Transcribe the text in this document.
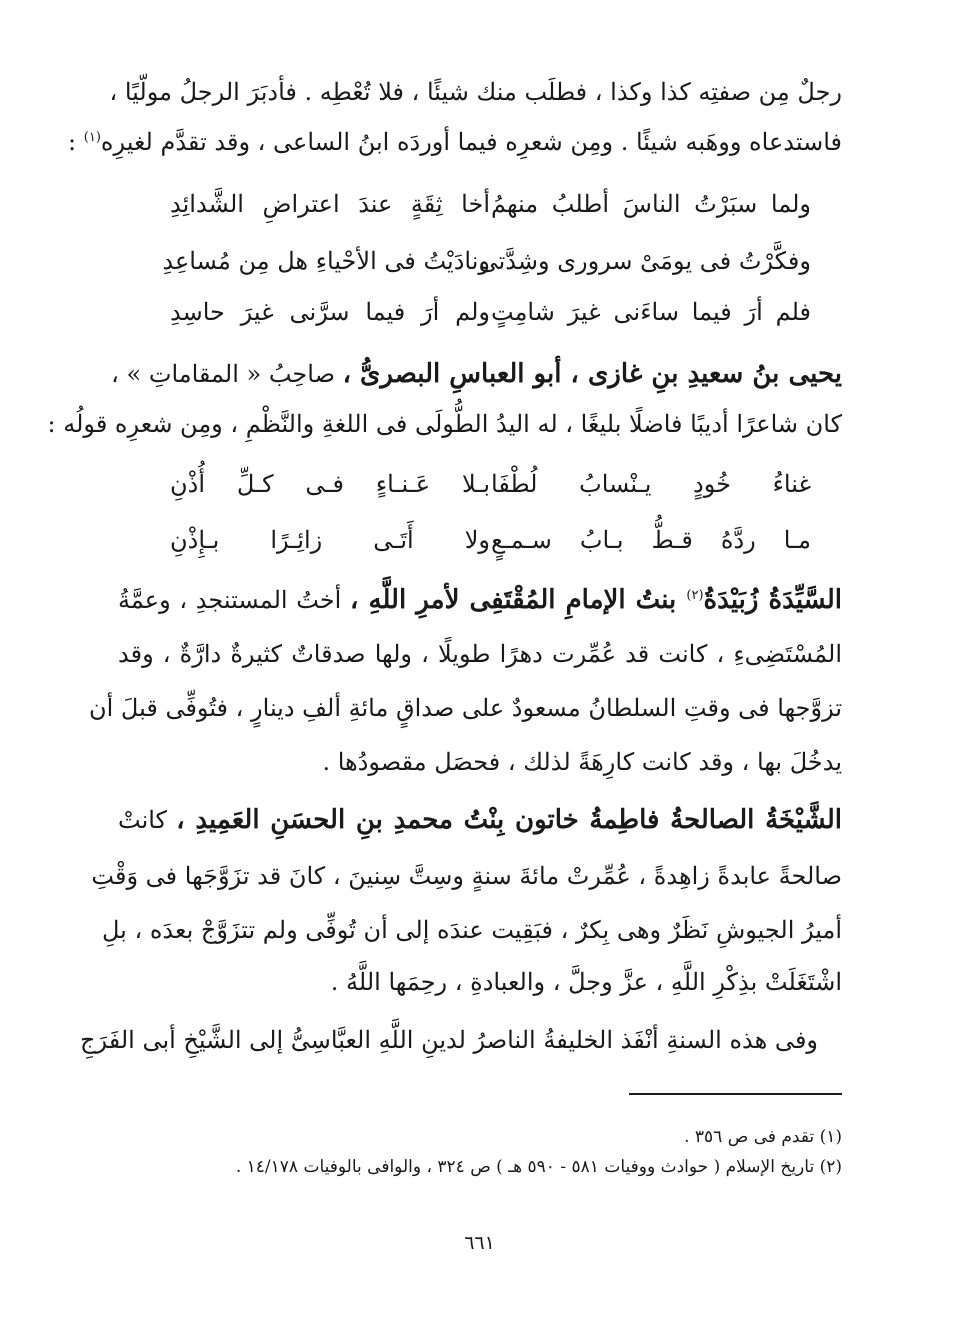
رجلٌ مِن صفتِه كذا وكذا ، فطلَب منك شيئًا ، فلا تُعْطِه . فأدبَرَ الرجلُ مولّيًا ،
فاستدعاه ووهَبه شيئًا . ومِن شعرِه فيما أوردَه ابنُ الساعى ، وقد تقدَّم لغيرِه$^{(١)}$ :
ولما سبَرْتُ الناسَ أطلبُ منهمُ
أخا ثِقَةٍ عندَ اعتراضِ الشَّدائِدِ
وفكَّرْتُ فى يومَىْ سرورى وشِدَّتى
ونادَيْتُ فى الأحْياءِ هل مِن مُساعِدِ
فلم أرَ فيما ساءَنى غيرَ شامِتٍ
ولم أرَ فيما سرَّنى غيرَ حاسِدِ
يحيى بنُ سعيدِ بنِ غازى ، أبو العباسِ البصرىُّ ، صاحِبُ « المقاماتِ » ،
كان شاعرًا أديبًا فاضلًا بليغًا ، له اليدُ الطُّولَى فى اللغةِ والنَّظْمِ ، ومِن شعرِه قولُه :
غناءُ خُودٍ يـنْسابُ لُطْفَا
بـلا عَـنـاءٍ فـى كـلِّ أُذْنِ
مـا ردَّهُ قـطُّ بـابُ سـمـعٍ
ولا أَتَـى زائِـرًا بـإِذْنِ
السَّيِّدَةُ زُبَيْدَةُ$^{(٢)}$ بنتُ الإمامِ المُقْتَفِى لأمرِ اللَّهِ ، أختُ المستنجدِ ، وعمَّةُ
المُسْتَضِىءِ ، كانت قد عُمِّرت دهرًا طويلًا ، ولها صدقاتٌ كثيرةٌ دارَّةٌ ، وقد
تزوَّجها فى وقتِ السلطانُ مسعودٌ على صداقٍ مائةِ ألفِ دينارٍ ، فتُوفِّى قبلَ أن
يدخُلَ بها ، وقد كانت كارِهَةً لذلك ، فحصَل مقصودُها .
الشَّيْخَةُ الصالحةُ فاطِمةُ خاتون بِنْتُ محمدِ بنِ الحسَنِ العَمِيدِ ، كانتْ
صالحةً عابدةً زاهِدةً ، عُمِّرتْ مائةَ سنةٍ وسِتَّ سِنينَ ، كانَ قد تزَوَّجَها فى وَقْتِ
أميرُ الجيوشِ نَظَرٌ وهى بِكرٌ ، فبَقِيت عندَه إلى أن تُوفِّى ولم تتزَوَّجْ بعدَه ، بلِ
اشْتَغَلَتْ بذِكْرِ اللَّهِ ، عزَّ وجلَّ ، والعبادةِ ، رحِمَها اللَّهُ .
وفى هذه السنةِ أنْفَذ الخليفةُ الناصرُ لدينِ اللَّهِ العبَّاسِىُّ إلى الشَّيْخِ أبى الفَرَجِ
(١) تقدم فى ص ٣٥٦ .
(٢) تاريخ الإسلام ( حوادث ووفيات ٥٨١ - ٥٩٠ هـ ) ص ٣٢٤ ، والوافى بالوفيات ١٤/١٧٨ .
٦٦١
